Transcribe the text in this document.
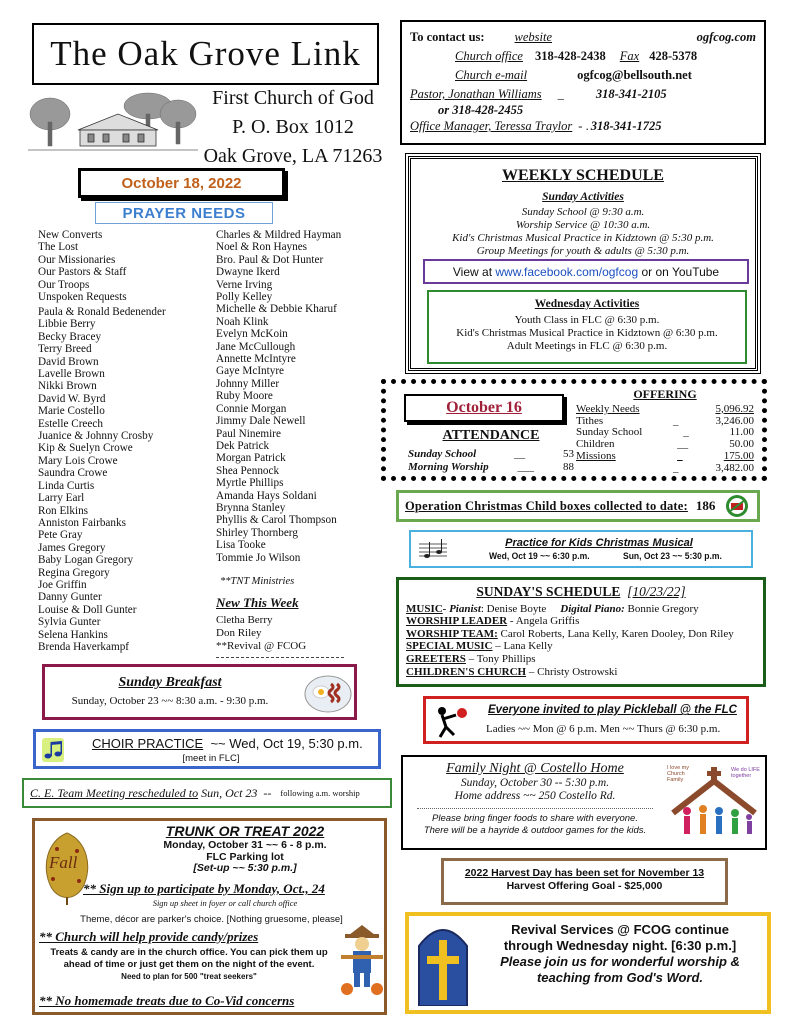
The Oak Grove Link
First Church of God
P. O. Box 1012
Oak Grove, LA 71263
October 18, 2022
PRAYER NEEDS
New Converts
The Lost
Our Missionaries
Our Pastors & Staff
Our Troops
Unspoken Requests
Paula & Ronald Bedenender
Libbie Berry
Becky Bracey
Terry Breed
David Brown
Lavelle Brown
Nikki Brown
David W. Byrd
Marie Costello
Estelle Creech
Juanice & Johnny Crosby
Kip & Suelyn Crowe
Mary Lois Crowe
Saundra Crowe
Linda Curtis
Larry Earl
Ron Elkins
Anniston Fairbanks
Pete Gray
James Gregory
Baby Logan Gregory
Regina Gregory
Joe Griffin
Danny Gunter
Louise & Doll Gunter
Sylvia Gunter
Selena Hankins
Brenda Haverkampf
Charles & Mildred Hayman
Noel & Ron Haynes
Bro. Paul & Dot Hunter
Dwayne Ikerd
Verne Irving
Polly Kelley
Michelle & Debbie Kharuf
Noah Klink
Evelyn McKoin
Jane McCullough
Annette McIntyre
Gaye McIntyre
Johnny Miller
Ruby Moore
Connie Morgan
Jimmy Dale Newell
Paul Ninemire
Dek Patrick
Morgan Patrick
Shea Pennock
Myrtle Phillips
Amanda Hays Soldani
Brynna Stanley
Phyllis & Carol Thompson
Shirley Thornberg
Lisa Tooke
Tommie Jo Wilson
**TNT Ministries
New This Week
Cletha Berry
Don Riley
**Revival @ FCOG
To contact us: website	ogfcog.com
Church office 318-428-2438 Fax 428-5378
Church e-mail	ogfcog@bellsouth.net
Pastor, Jonathan Williams _	318-341-2105
or 318-428-2455
Office Manager, Teressa Traylor - . 318-341-1725
WEEKLY SCHEDULE
Sunday Activities
Sunday School @ 9:30 a.m.
Worship Service @ 10:30 a.m.
Kid's Christmas Musical Practice in Kidztown @ 5:30 p.m.
Group Meetings for youth & adults @ 5:30 p.m.
View at
www.facebook.com/ogfcog
or on YouTube
Wednesday Activities
Youth Class in FLC @ 6:30 p.m.
Kid's Christmas Musical Practice in Kidztown @ 6:30 p.m.
Adult Meetings in FLC @ 6:30 p.m.
October 16
ATTENDANCE
Sunday School	__	53
Morning Worship	___	88
OFFERING
Weekly Needs	5,096.92
Tithes	_	3,246.00
Sunday School	_	11.00
Children	__	50.00
Missions	_	175.00
_	3,482.00
Operation Christmas Child boxes collected to date: 186
Practice for Kids Christmas Musical
Wed, Oct 19 ~~ 6:30 p.m.	Sun, Oct 23 ~~ 5:30 p.m.
SUNDAY'S SCHEDULE [10/23/22]
MUSIC- Pianist: Denise Boyte Digital Piano: Bonnie Gregory
WORSHIP LEADER - Angela Griffis
WORSHIP TEAM: Carol Roberts, Lana Kelly, Karen Dooley, Don Riley
SPECIAL MUSIC – Lana Kelly
GREETERS – Tony Phillips
CHILDREN'S CHURCH – Christy Ostrowski
Everyone invited to play Pickleball @ the FLC
Ladies ~~ Mon @ 6 p.m. Men ~~ Thurs @ 6:30 p.m.
Family Night @ Costello Home
Sunday, October 30 -- 5:30 p.m.
Home address ~~ 250 Costello Rd.
Please bring finger foods to share with everyone.
There will be a hayride & outdoor games for the kids.
I love my Church Family
We do LIFE together
2022 Harvest Day has been set for November 13
Harvest Offering Goal - $25,000
Revival Services @ FCOG continue
through Wednesday night. [6:30 p.m.]
Please join us for wonderful worship &
teaching from God's Word.
Sunday Breakfast
Sunday, October 23 ~~ 8:30 a.m. - 9:30 p.m.
CHOIR PRACTICE ~~ Wed, Oct 19, 5:30 p.m.
[meet in FLC]
C. E. Team Meeting rescheduled to Sun, Oct 23  -- following a.m. worship
Fall
TRUNK OR TREAT 2022
Monday, October 31 ~~ 6 - 8 p.m.
FLC Parking lot
[Set-up ~~ 5:30 p.m.]
** Sign up to participate by Monday, Oct., 24
Sign up sheet in foyer or call church office
Theme, décor are parker's choice. [Nothing gruesome, please]
** Church will help provide candy/prizes
Treats & candy are in the church office. You can pick them up
ahead of time or just get them on the night of the event.
Need to plan for 500 "treat seekers"
** No homemade treats due to Co-Vid concerns
